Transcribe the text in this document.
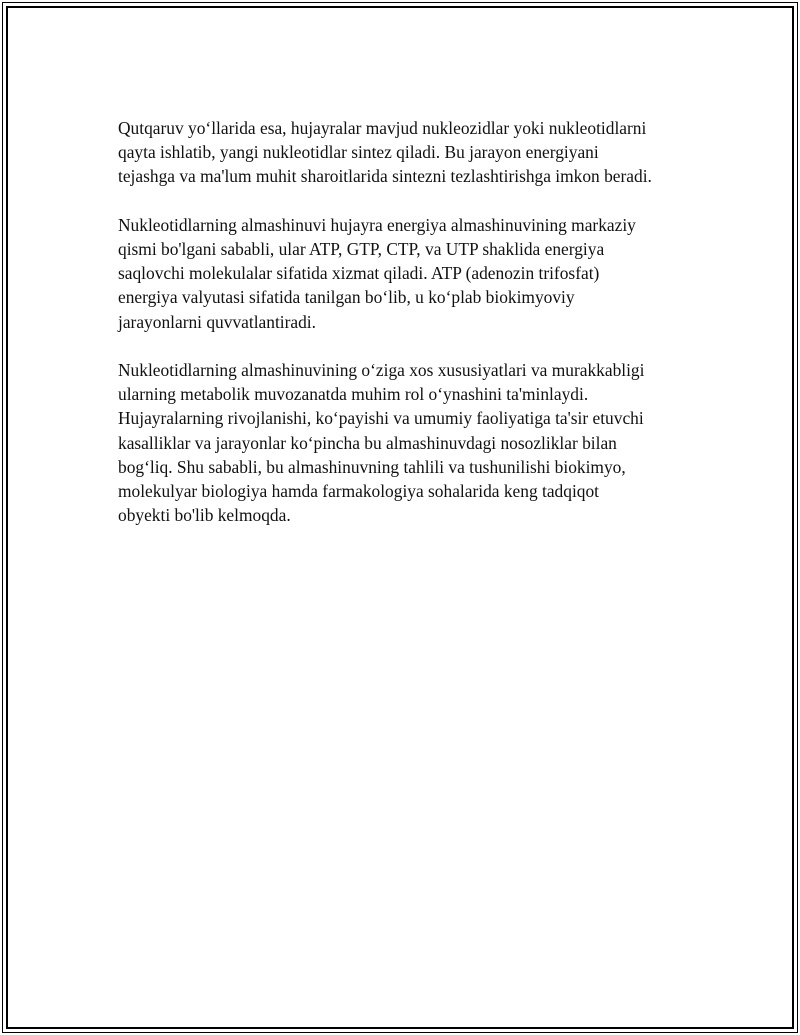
Qutqaruv yo‘llarida esa, hujayralar mavjud nukleozidlar yoki nukleotidlarni
qayta ishlatib, yangi nukleotidlar sintez qiladi. Bu jarayon energiyani
tejashga va ma'lum muhit sharoitlarida sintezni tezlashtirishga imkon beradi.

Nukleotidlarning almashinuvi hujayra energiya almashinuvining markaziy
qismi bo'lgani sababli, ular ATP, GTP, CTP, va UTP shaklida energiya
saqlovchi molekulalar sifatida xizmat qiladi. ATP (adenozin trifosfat)
energiya valyutasi sifatida tanilgan bo‘lib, u ko‘plab biokimyoviy
jarayonlarni quvvatlantiradi.

Nukleotidlarning almashinuvining o‘ziga xos xususiyatlari va murakkabligi
ularning metabolik muvozanatda muhim rol o‘ynashini ta'minlaydi.
Hujayralarning rivojlanishi, ko‘payishi va umumiy faoliyatiga ta'sir etuvchi
kasalliklar va jarayonlar ko‘pincha bu almashinuvdagi nosozliklar bilan
bog‘liq. Shu sababli, bu almashinuvning tahlili va tushunilishi biokimyo,
molekulyar biologiya hamda farmakologiya sohalarida keng tadqiqot
obyekti bo'lib kelmoqda.
